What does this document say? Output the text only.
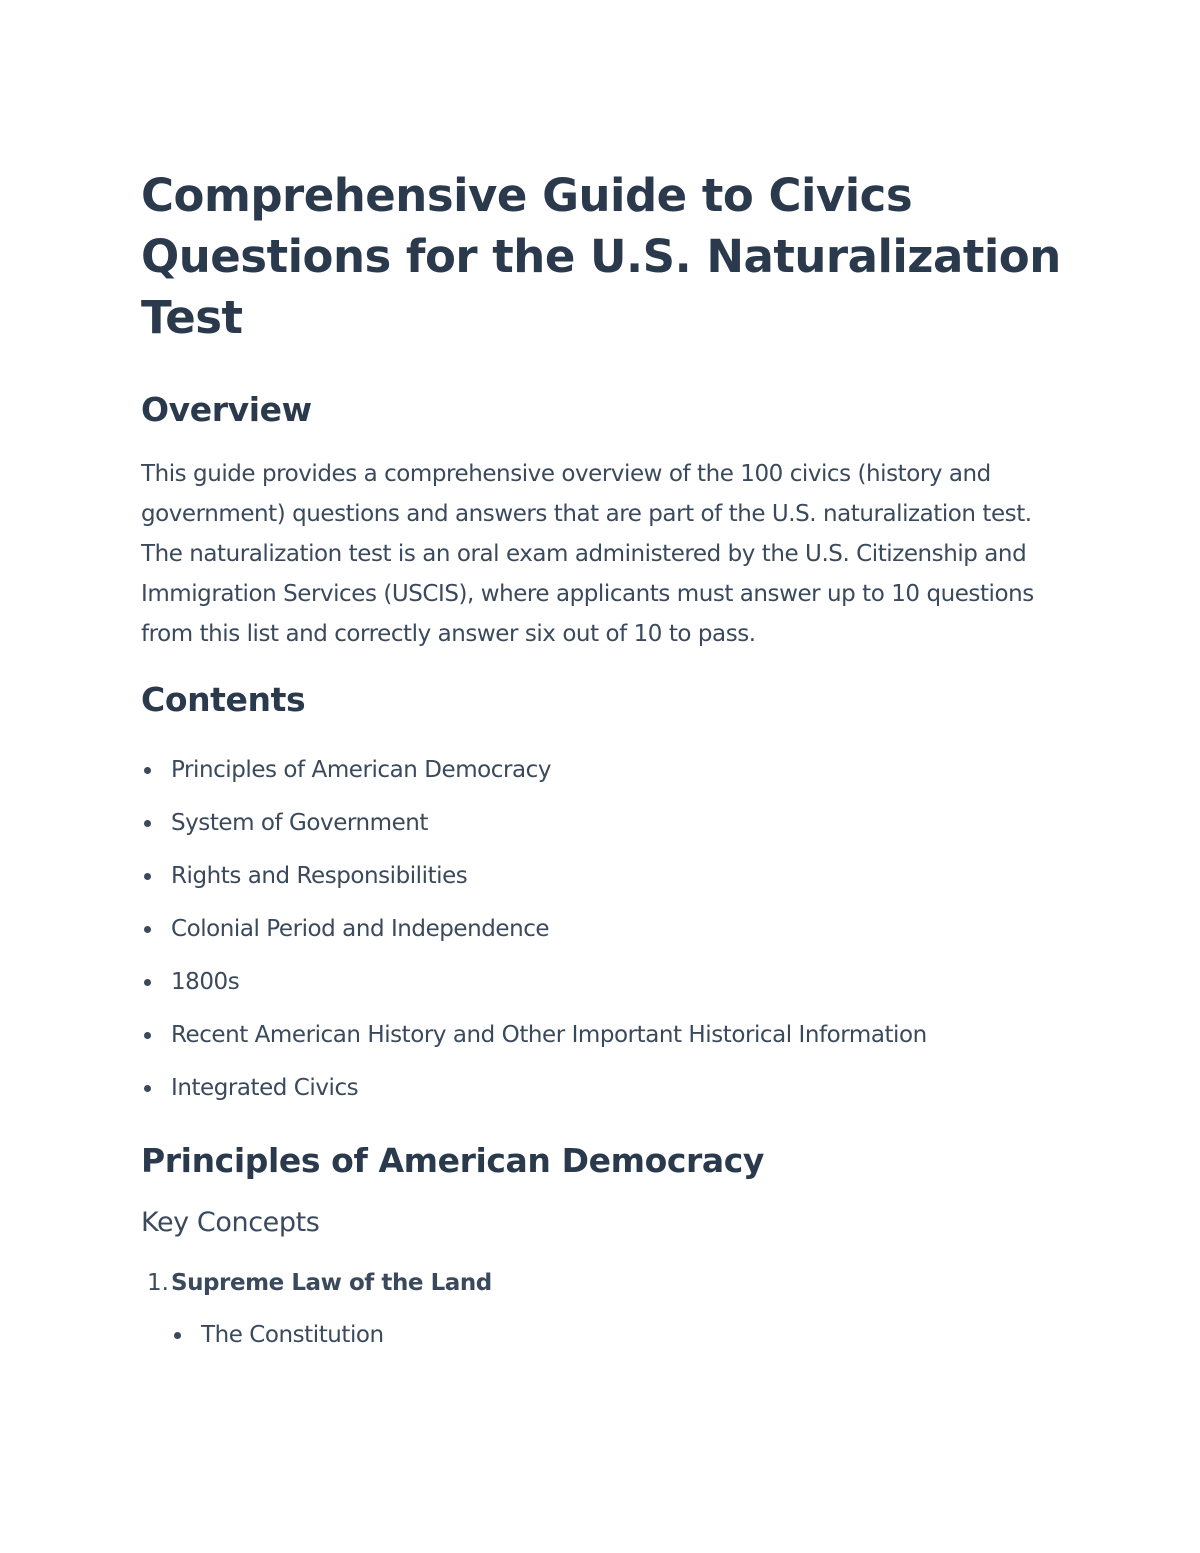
Comprehensive Guide to Civics Questions for the U.S. Naturalization Test
Overview

This guide provides a comprehensive overview of the 100 civics (history and government) questions and answers that are part of the U.S. naturalization test. The naturalization test is an oral exam administered by the U.S. Citizenship and Immigration Services (USCIS), where applicants must answer up to 10 questions from this list and correctly answer six out of 10 to pass.

Contents
Principles of American Democracy
System of Government
Rights and Responsibilities
Colonial Period and Independence
1800s
Recent American History and Other Important Historical Information
Integrated Civics
Principles of American Democracy
Key Concepts
1. Supreme Law of the Land
The Constitution
